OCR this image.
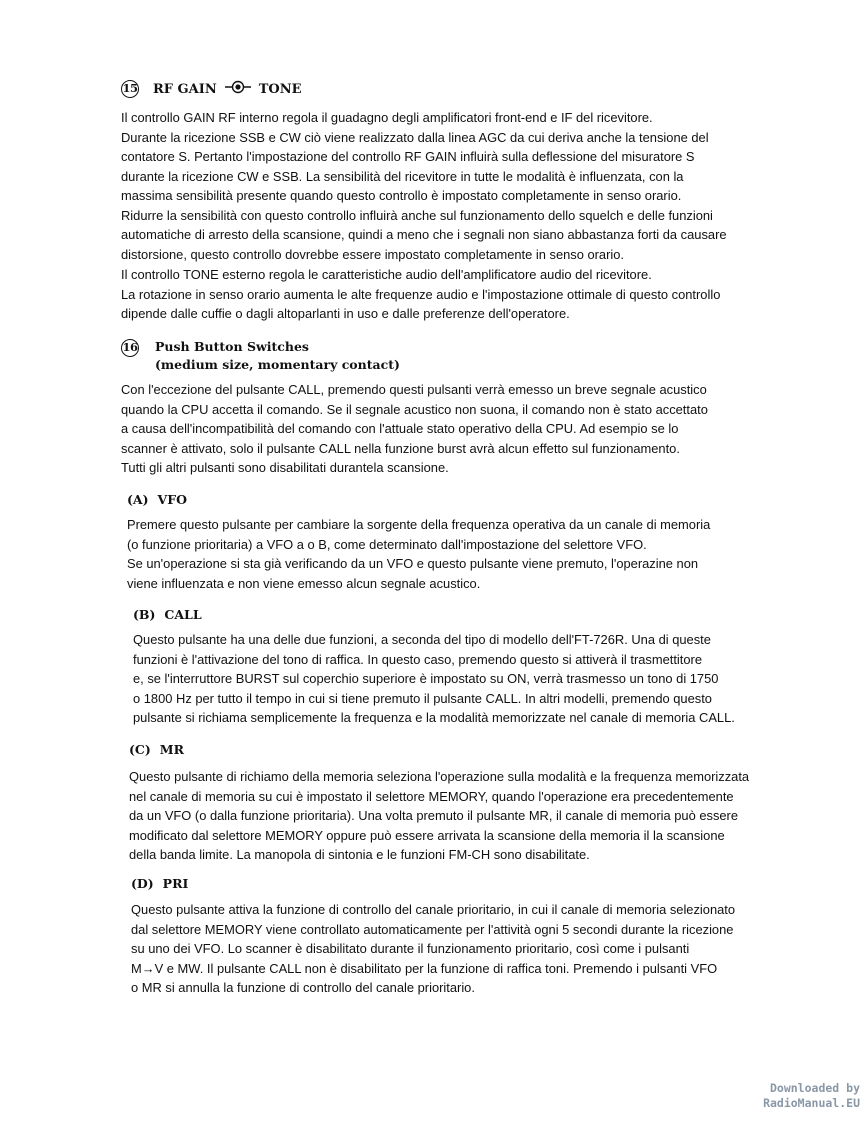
15 RF GAIN	TONE
Il controllo GAIN RF interno regola il guadagno degli amplificatori front-end e IF del ricevitore.
Durante la ricezione SSB e CW ciò viene realizzato dalla linea AGC da cui deriva anche la tensione del
contatore S. Pertanto l'impostazione del controllo RF GAIN influirà sulla deflessione del misuratore S
durante la ricezione CW e SSB. La sensibilità del ricevitore in tutte le modalità è influenzata, con la
massima sensibilità presente quando questo controllo è impostato completamente in senso orario.
Ridurre la sensibilità con questo controllo influirà anche sul funzionamento dello squelch e delle funzioni
automatiche di arresto della scansione, quindi a meno che i segnali non siano abbastanza forti da causare
distorsione, questo controllo dovrebbe essere impostato completamente in senso orario.
Il controllo TONE esterno regola le caratteristiche audio dell'amplificatore audio del ricevitore.
La rotazione in senso orario aumenta le alte frequenze audio e l'impostazione ottimale di questo controllo
dipende dalle cuffie o dagli altoparlanti in uso e dalle preferenze dell'operatore.
16 Push Button Switches
(medium size, momentary contact)
Con l'eccezione del pulsante CALL, premendo questi pulsanti verrà emesso un breve segnale acustico
quando la CPU accetta il comando. Se il segnale acustico non suona, il comando non è stato accettato
a causa dell'incompatibilità del comando con l'attuale stato operativo della CPU. Ad esempio se lo
scanner è attivato, solo il pulsante CALL nella funzione burst avrà alcun effetto sul funzionamento.
Tutti gli altri pulsanti sono disabilitati durantela scansione.
(A) VFO
Premere questo pulsante per cambiare la sorgente della frequenza operativa da un canale di memoria
(o funzione prioritaria) a VFO a o B, come determinato dall'impostazione del selettore VFO.
Se un'operazione si sta già verificando da un VFO e questo pulsante viene premuto, l'operazine non
viene influenzata e non viene emesso alcun segnale acustico.
(B) CALL
Questo pulsante ha una delle due funzioni, a seconda del tipo di modello dell'FT-726R. Una di queste
funzioni è l'attivazione del tono di raffica. In questo caso, premendo questo si attiverà il trasmettitore
e, se l'interruttore BURST sul coperchio superiore è impostato su ON, verrà trasmesso un tono di 1750
o 1800 Hz per tutto il tempo in cui si tiene premuto il pulsante CALL. In altri modelli, premendo questo
pulsante si richiama semplicemente la frequenza e la modalità memorizzate nel canale di memoria CALL.
(C) MR
Questo pulsante di richiamo della memoria seleziona l'operazione sulla modalità e la frequenza memorizzata
nel canale di memoria su cui è impostato il selettore MEMORY, quando l'operazione era precedentemente
da un VFO (o dalla funzione prioritaria). Una volta premuto il pulsante MR, il canale di memoria può essere
modificato dal selettore MEMORY oppure può essere arrivata la scansione della memoria il la scansione
della banda limite. La manopola di sintonia e le funzioni FM-CH sono disabilitate.
(D) PRI
Questo pulsante attiva la funzione di controllo del canale prioritario, in cui il canale di memoria selezionato
dal selettore MEMORY viene controllato automaticamente per l'attività ogni 5 secondi durante la ricezione
su uno dei VFO. Lo scanner è disabilitato durante il funzionamento prioritario, così come i pulsanti
M→V e MW. Il pulsante CALL non è disabilitato per la funzione di raffica toni. Premendo i pulsanti VFO
o MR si annulla la funzione di controllo del canale prioritario.
Downloaded by
RadioManual.EU
